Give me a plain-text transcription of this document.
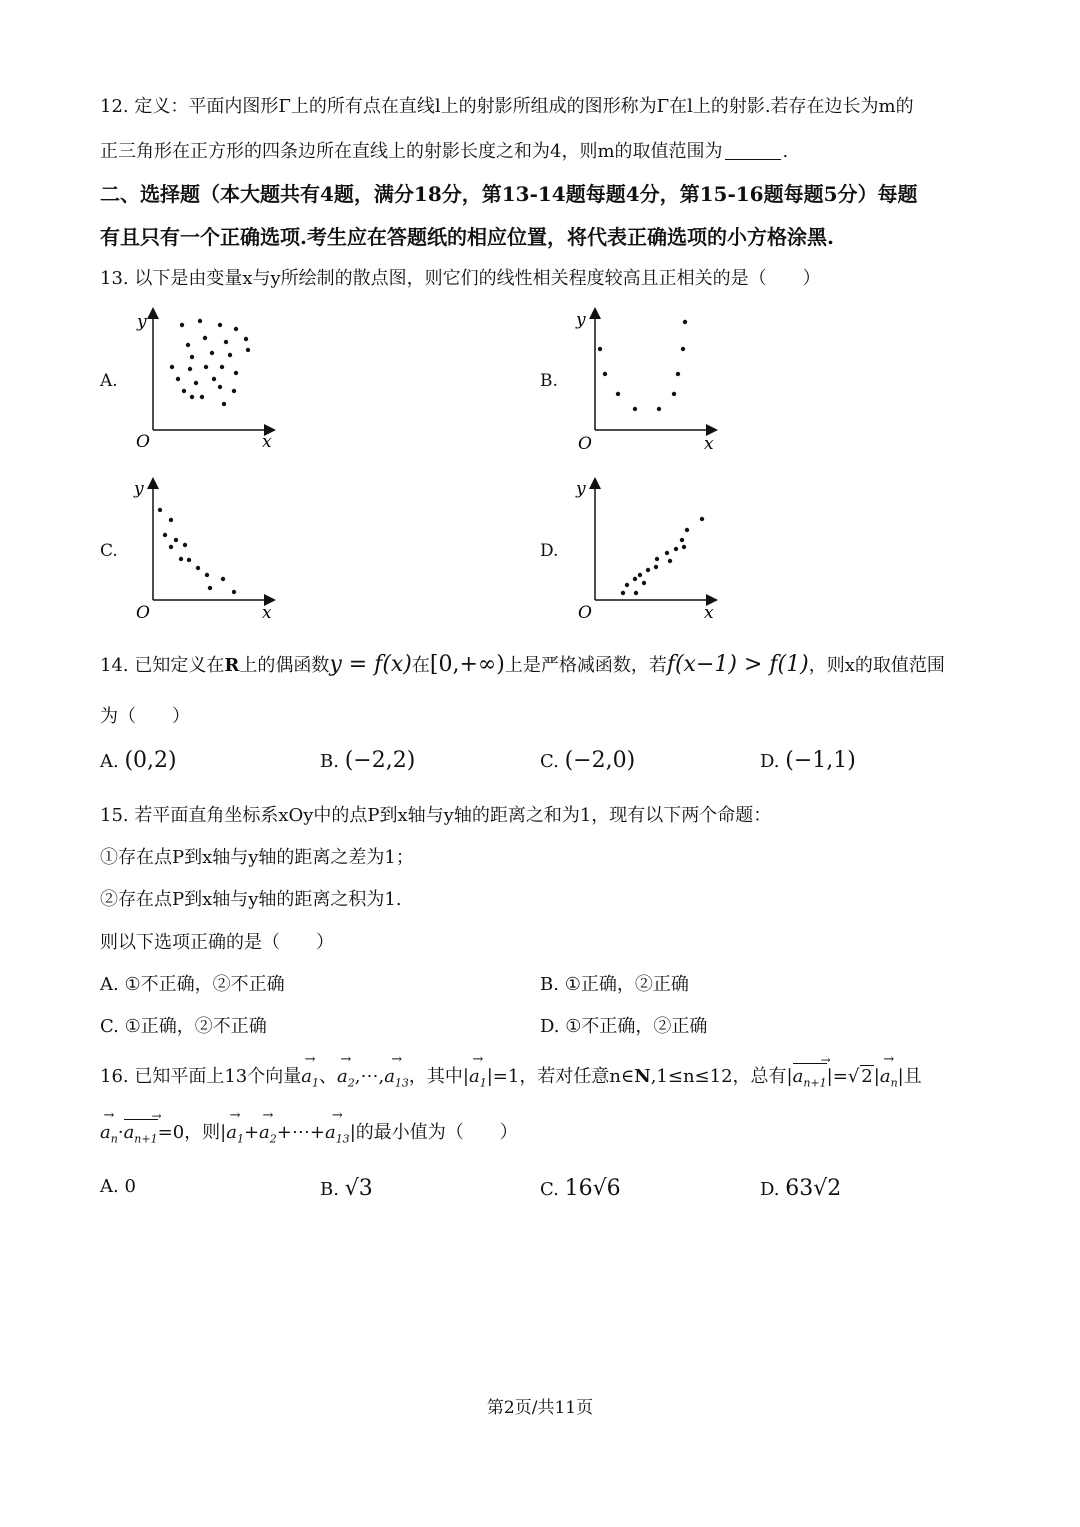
12. 定义：平面内图形Γ上的所有点在直线l上的射影所组成的图形称为Γ在l上的射影.若存在边长为m的
正三角形在正方形的四条边所在直线上的射影长度之和为4，则m的取值范围为	.
二、选择题（本大题共有4题，满分18分，第13-14题每题4分，第15-16题每题5分）每题
有且只有一个正确选项.考生应在答题纸的相应位置，将代表正确选项的小方格涂黑.
13. 以下是由变量x与y所绘制的散点图，则它们的线性相关程度较高且正相关的是（　　）
A.	B.
C.	D.
y
x
O
y
x
O
y
x
O
y
x
O
14. 已知定义在R上的偶函数y = f(x)在[0,+∞)上是严格减函数，若f(x−1) > f(1)，则x的取值范围
为（　　）
A. (0,2)	B. (−2,2)	C. (−2,0)	D. (−1,1)
15. 若平面直角坐标系xOy中的点P到x轴与y轴的距离之和为1，现有以下两个命题：
①存在点P到x轴与y轴的距离之差为1；
②存在点P到x轴与y轴的距离之积为1.
则以下选项正确的是（　　）
A. ①不正确，②不正确	B. ①正确，②正确
C. ①正确，②不正确	D. ①不正确，②正确
16. 已知平面上13个向量→ $a_1$、→ $a_2,\cdots,\to a_{13}$，其中|→ $a_1|=1$，若对任意n∈N,1≤n≤12，总有$|a_{n+1}$ →|=√ $2|\to a_n|$且
→ $a_n\cdot a_{n+1} \to=0$，则|→ $a_1+\to$ $a_2+\cdots+\to a_{13}|$的最小值为（　　）
A. 0	B. √3	C. 16√6	D. 63√2
第2页/共11页
